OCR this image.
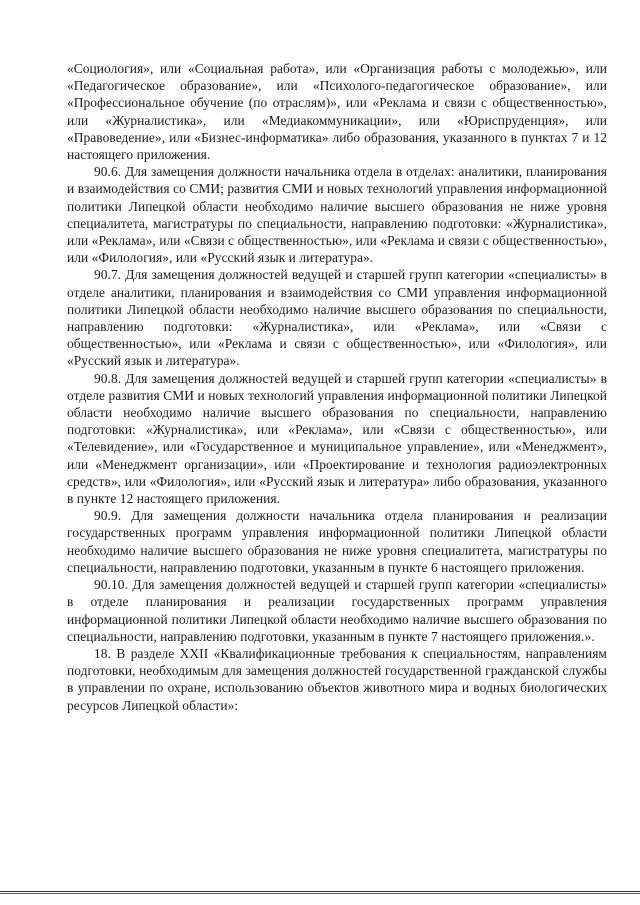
«Социология», или «Социальная работа», или «Организация работы с молодежью», или «Педагогическое образование», или «Психолого-педагогическое образование», или «Профессиональное обучение (по отраслям)», или «Реклама и связи с общественностью», или «Журналистика», или «Медиакоммуникации», или «Юриспруденция», или «Правоведение», или «Бизнес-информатика» либо образования, указанного в пунктах 7 и 12 настоящего приложения.

90.6. Для замещения должности начальника отдела в отделах: аналитики, планирования и взаимодействия со СМИ; развития СМИ и новых технологий управления информационной политики Липецкой области необходимо наличие высшего образования не ниже уровня специалитета, магистратуры по специальности, направлению подготовки: «Журналистика», или «Реклама», или «Связи с общественностью», или «Реклама и связи с общественностью», или «Филология», или «Русский язык и литература».

90.7. Для замещения должностей ведущей и старшей групп категории «специалисты» в отделе аналитики, планирования и взаимодействия со СМИ управления информационной политики Липецкой области необходимо наличие высшего образования по специальности, направлению подготовки: «Журналистика», или «Реклама», или «Связи с общественностью», или «Реклама и связи с общественностью», или «Филология», или «Русский язык и литература».

90.8. Для замещения должностей ведущей и старшей групп категории «специалисты» в отделе развития СМИ и новых технологий управления информационной политики Липецкой области необходимо наличие высшего образования по специальности, направлению подготовки: «Журналистика», или «Реклама», или «Связи с общественностью», или «Телевидение», или «Государственное и муниципальное управление», или «Менеджмент», или «Менеджмент организации», или «Проектирование и технология радиоэлектронных средств», или «Филология», или «Русский язык и литература» либо образования, указанного в пункте 12 настоящего приложения.

90.9. Для замещения должности начальника отдела планирования и реализации государственных программ управления информационной политики Липецкой области необходимо наличие высшего образования не ниже уровня специалитета, магистратуры по специальности, направлению подготовки, указанным в пункте 6 настоящего приложения.

90.10. Для замещения должностей ведущей и старшей групп категории «специалисты» в отделе планирования и реализации государственных программ управления информационной политики Липецкой области необходимо наличие высшего образования по специальности, направлению подготовки, указанным в пункте 7 настоящего приложения.».

18. В разделе XXII «Квалификационные требования к специальностям, направлениям подготовки, необходимым для замещения должностей государственной гражданской службы в управлении по охране, использованию объектов животного мира и водных биологических ресурсов Липецкой области»:
